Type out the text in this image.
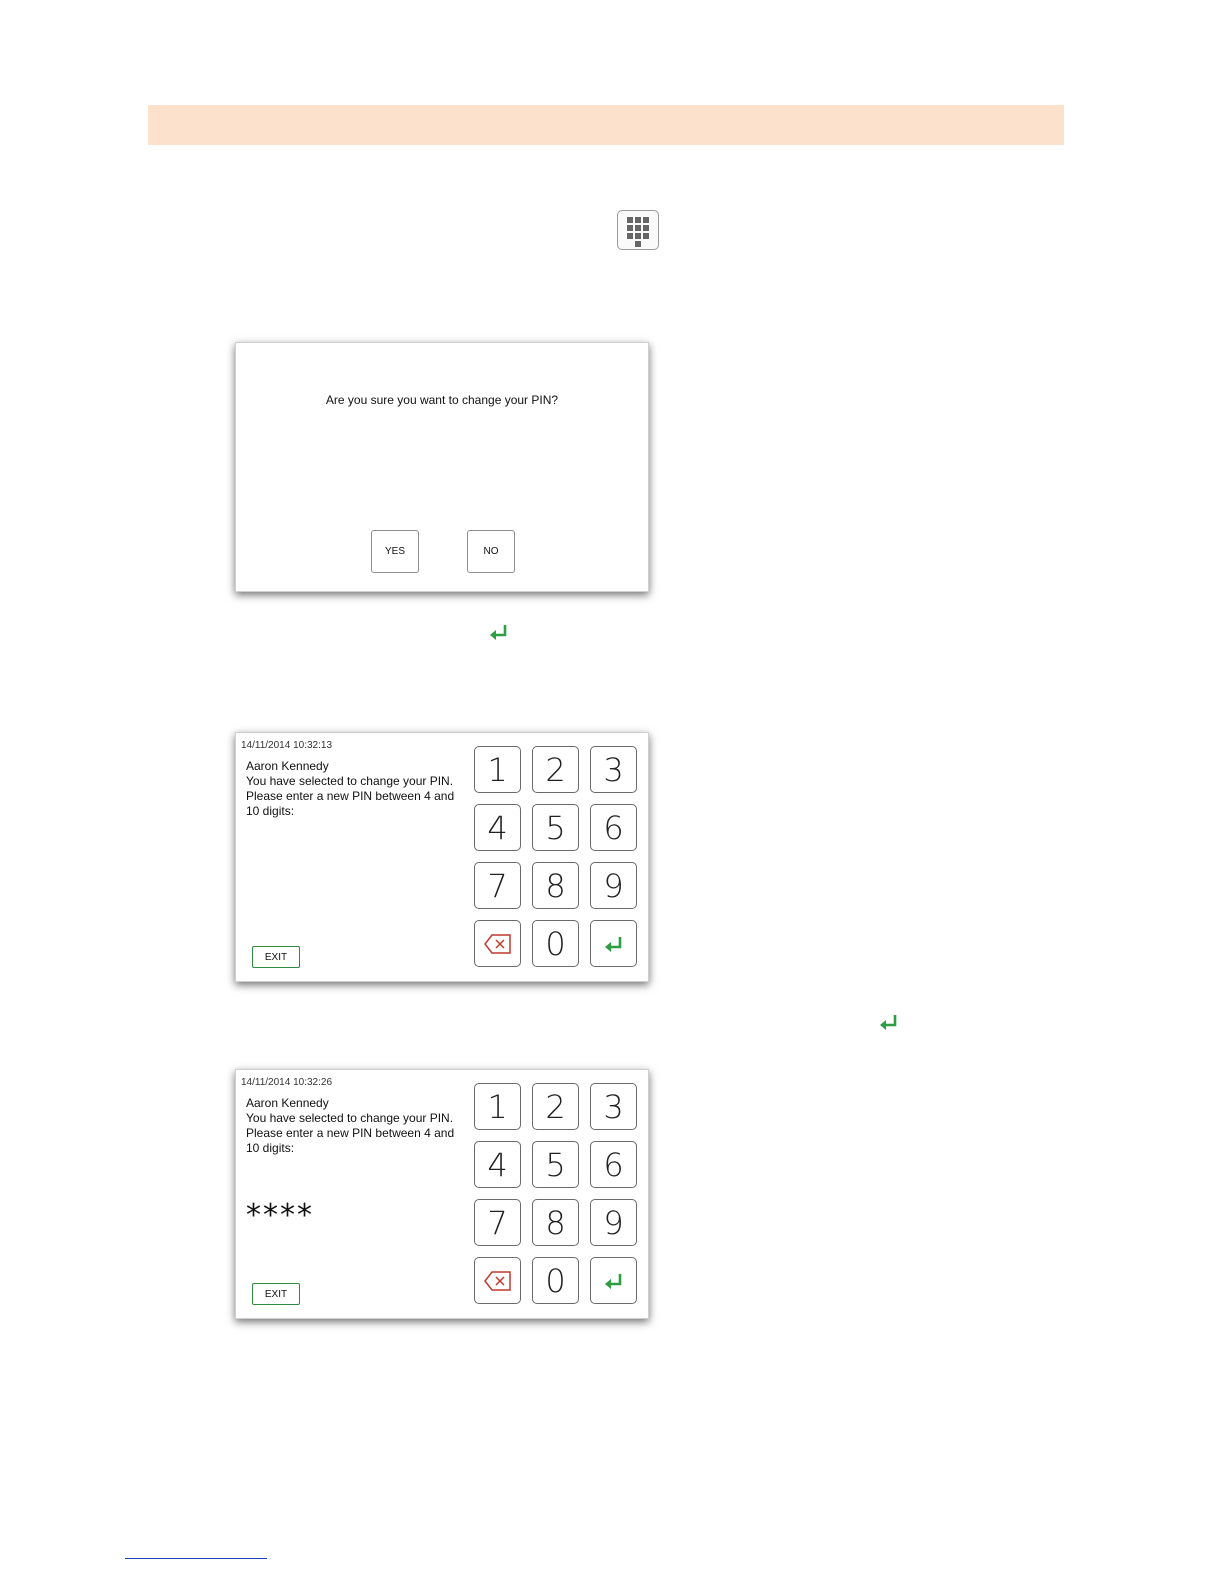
Are you sure you want to change your PIN?
YES	NO
14/11/2014 10:32:13
Aaron Kennedy
You have selected to change your PIN.
Please enter a new PIN between 4 and
10 digits:
EXIT
1	2	3
4	5	6
7	8	9
0
14/11/2014 10:32:26
Aaron Kennedy
You have selected to change your PIN.
Please enter a new PIN between 4 and
10 digits:
****
EXIT
1	2	3
4	5	6
7	8	9
0
